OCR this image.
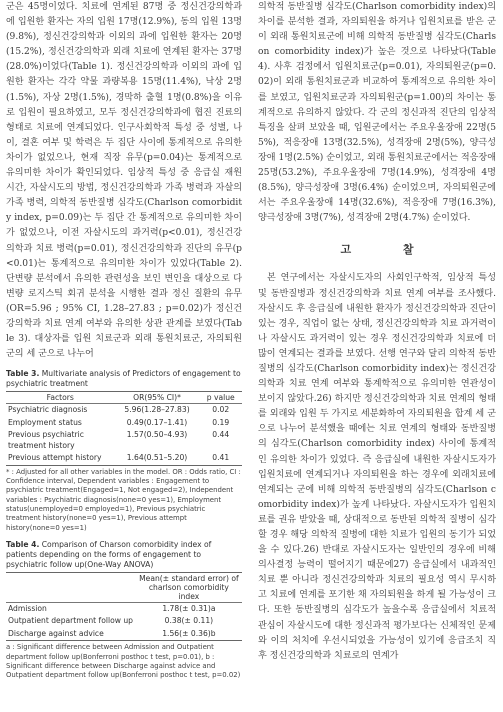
군은 45명이었다. 치료에 연계된 87명 중 정신건강의학과에 입원한 환자는 자의 입원 17명(12.9%), 동의 입원 13명(9.8%), 정신건강의학과 이외의 과에 입원한 환자는 20명(15.2%), 정신건강의학과 외래 치료에 연계된 환자는 37명(28.0%)이었다(Table 1). 정신건강의학과 이외의 과에 입원한 환자는 각각 약물 과량복용 15명(11.4%), 낙상 2명(1.5%), 자상 2명(1.5%), 경막하 출혈 1명(0.8%)을 이유로 입원이 필요하였고, 모두 정신건강의학과에 협진 진료의 형태로 치료에 연계되었다. 인구사회학적 특성 중 성별, 나이, 결혼 여부 및 학력은 두 집단 사이에 통계적으로 유의한 차이가 없었으나, 현재 직장 유무(p=0.04)는 통계적으로 유의미한 차이가 확인되었다. 임상적 특성 중 응급실 재원 시간, 자살시도의 방법, 정신건강의학과 가족 병력과 자살의 가족 병력, 의학적 동반질병 심각도(Charlson comorbidity index, p=0.09)는 두 집단 간 통계적으로 유의미한 차이가 없었으나, 이전 자살시도의 과거력(p<0.01), 정신건강의학과 치료 병력(p=0.01), 정신건강의학과 진단의 유무(p<0.01)는 통계적으로 유의미한 차이가 있었다(Table 2). 단변량 분석에서 유의한 관련성을 보인 변인을 대상으로 다변량 로지스틱 회귀 분석을 시행한 결과 정신 질환의 유무(OR=5.96 ; 95% CI, 1.28–27.83 ; p=0.02)가 정신건강의학과 치료 연계 여부와 유의한 상관 관계를 보였다(Table 3). 대상자를 입원 치료군과 외래 통원치료군, 자의퇴원군의 세 군으로 나누어

Table 3. Multivariate analysis of Predictors of engagement to psychiatric treatment
Factors	OR(95% CI)*	p value
Psychiatric diagnosis	5.96(1.28–27.83)	0.02
Employment status	0.49(0.17–1.41)	0.19
Previous psychiatric treatment history	1.57(0.50–4.93)	0.44
Previous attempt history	1.64(0.51–5.20)	0.41

* : Adjusted for all other variables in the model. OR : Odds ratio, CI : Confidence interval, Dependent variables : Engagement to psychiatric treatment(Engaged=1, Not engaged=2), Independent variables : Psychiatric diagnosis(none=0 yes=1), Employment status(unemployed=0 employed=1), Previous psychiatric treatment history(none=0 yes=1), Previous attempt history(none=0 yes=1)

Table 4. Comparison of Charson comorbidity index of patients depending on the forms of engagement to psychiatric follow up(One-Way ANOVA)
	Mean(± standard error) of charlson comorbidity index
Admission	1.78(± 0.31)a
Outpatient department follow up	0.38(± 0.11)
Discharge against advice	1.56(± 0.36)b

a : Significant difference between Admission and Outpatient department follow up(Bonferroni posthoc t test, p=0.01), b : Significant difference between Discharge against advice and Outpatient department follow up(Bonferroni posthoc t test, p=0.02)

의학적 동반질병 심각도(Charlson comorbidity index)의 차이를 분석한 결과, 자의퇴원을 하거나 입원치료를 받은 군이 외래 통원치료군에 비해 의학적 동반질병 심각도(Charlson comorbidity index)가 높은 것으로 나타났다(Table 4). 사후 검정에서 입원치료군(p=0.01), 자의퇴원군(p=0.02)이 외래 통원치료군과 비교하여 통계적으로 유의한 차이를 보였고, 입원치료군과 자의퇴원군(p=1.00)의 차이는 통계적으로 유의하지 않았다. 각 군의 정신과적 진단의 임상적 특징을 살펴 보았을 때, 입원군에서는 주요우울장애 22명(55%), 적응장애 13명(32.5%), 성격장애 2명(5%), 양극성장애 1명(2.5%) 순이었고, 외래 통원치료군에서는 적응장애 25명(53.2%), 주요우울장애 7명(14.9%), 성격장애 4명(8.5%), 양극성장애 3명(6.4%) 순이었으며, 자의퇴원군에서는 주요우울장애 14명(32.6%), 적응장애 7명(16.3%), 양극성장애 3명(7%), 성격장애 2명(4.7%) 순이었다.

고 찰

본 연구에서는 자살시도자의 사회인구학적, 임상적 특성 및 동반질병과 정신건강의학과 치료 연계 여부를 조사했다. 자살시도 후 응급실에 내원한 환자가 정신건강의학과 진단이 있는 경우, 직업이 없는 상태, 정신건강의학과 치료 과거력이나 자살시도 과거력이 있는 경우 정신건강의학과 치료에 더 많이 연계되는 결과를 보였다. 선행 연구와 달리 의학적 동반질병의 심각도(Charlson comorbidity index)는 정신건강의학과 치료 연계 여부와 통계학적으로 유의미한 연관성이 보이지 않았다.26) 하지만 정신건강의학과 치료 연계의 형태를 외래와 입원 두 가지로 세분화하여 자의퇴원을 합계 세 군으로 나누어 분석했을 때에는 치료 연계의 형태와 동반질병의 심각도(Charlson comorbidity index) 사이에 통계적인 유의한 차이가 있었다. 즉 응급실에 내원한 자살시도자가 입원치료에 연계되거나 자의퇴원을 하는 경우에 외래치료에 연계되는 군에 비해 의학적 동반질병의 심각도(Charlson comorbidity index)가 높게 나타났다. 자살시도자가 입원치료를 권유 받았을 때, 상대적으로 동반된 의학적 질병이 심각할 경우 해당 의학적 질병에 대한 치료가 입원의 동기가 되었을 수 있다.26) 반대로 자살시도자는 일반인의 경우에 비해 의사결정 능력이 떨어지기 때문에27) 응급실에서 내과적인 치료 뿐 아니라 정신건강의학과 치료의 필요성 역시 무시하고 치료에 연계를 포기한 채 자의퇴원을 하게 될 가능성이 크다. 또한 동반질병의 심각도가 높을수록 응급실에서 치료적 관심이 자살시도에 대한 정신과적 평가보다는 신체적인 문제와 이의 처치에 우선시되었을 가능성이 있기에 응급조치 직후 정신건강의학과 치료로의 연계가
